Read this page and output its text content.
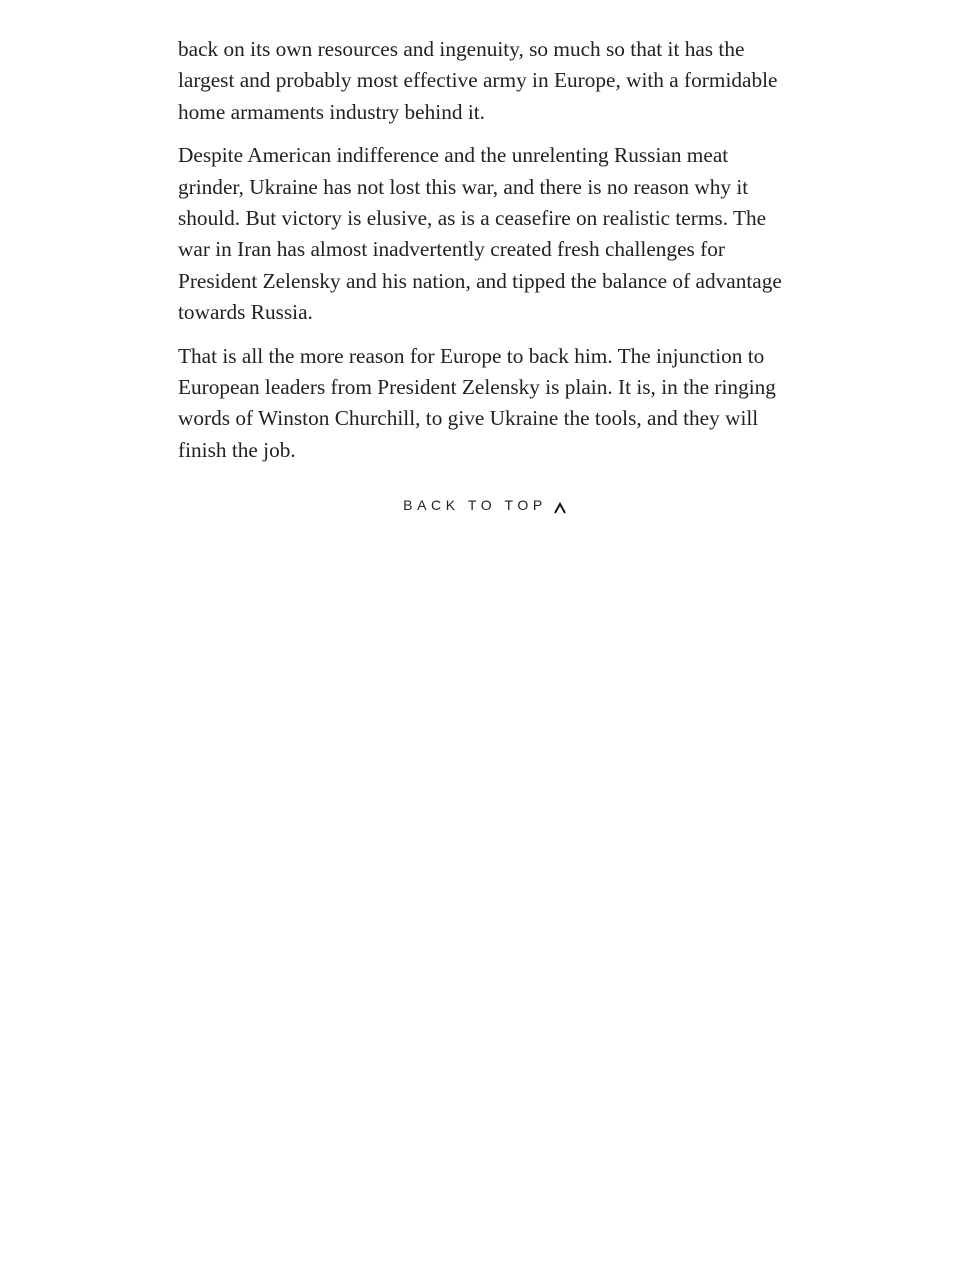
back on its own resources and ingenuity, so much so that it has the largest and probably most effective army in Europe, with a formidable home armaments industry behind it.

Despite American indifference and the unrelenting Russian meat grinder, Ukraine has not lost this war, and there is no reason why it should. But victory is elusive, as is a ceasefire on realistic terms. The war in Iran has almost inadvertently created fresh challenges for President Zelensky and his nation, and tipped the balance of advantage towards Russia.

That is all the more reason for Europe to back him. The injunction to European leaders from President Zelensky is plain. It is, in the ringing words of Winston Churchill, to give Ukraine the tools, and they will finish the job.

BACK TO TOP
